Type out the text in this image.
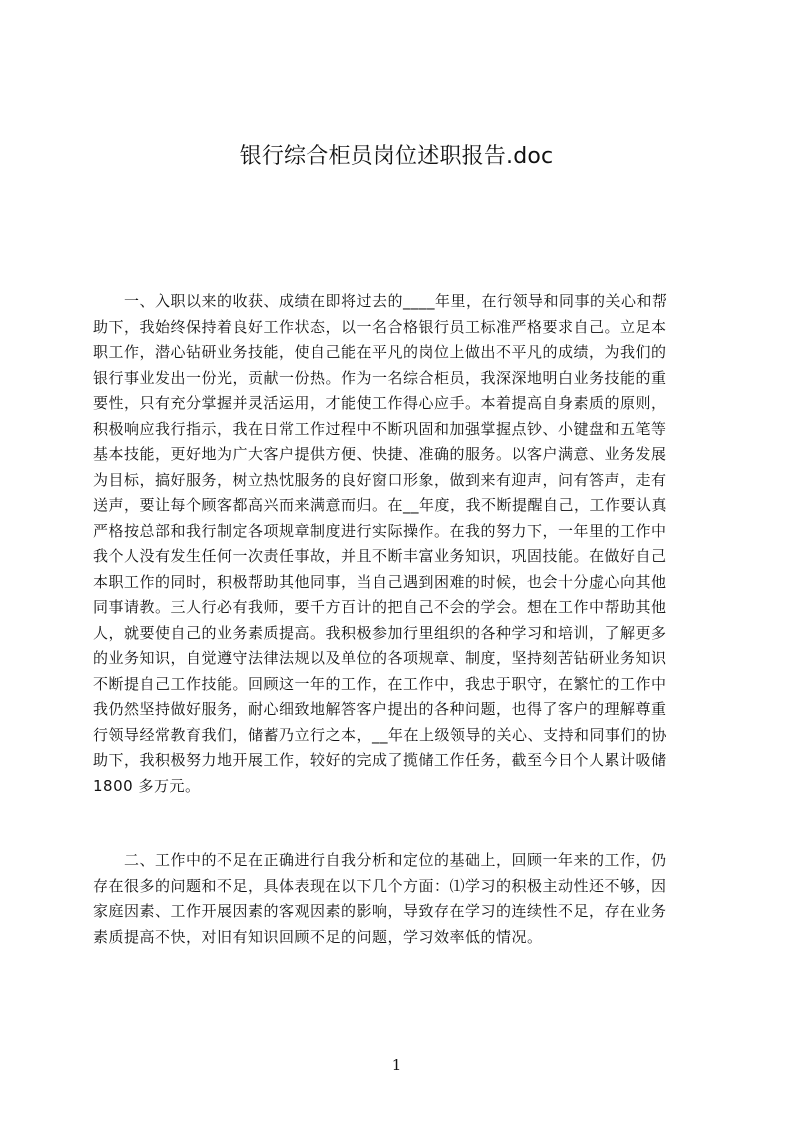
银行综合柜员岗位述职报告.doc
　　一、入职以来的收获、成绩在即将过去的____年里，在行领导和同事的关心和帮
助下，我始终保持着良好工作状态，以一名合格银行员工标准严格要求自己。立足本
职工作，潜心钻研业务技能，使自己能在平凡的岗位上做出不平凡的成绩，为我们的
银行事业发出一份光，贡献一份热。作为一名综合柜员，我深深地明白业务技能的重
要性，只有充分掌握并灵活运用，才能使工作得心应手。本着提高自身素质的原则，
积极响应我行指示，我在日常工作过程中不断巩固和加强掌握点钞、小键盘和五笔等
基本技能，更好地为广大客户提供方便、快捷、准确的服务。以客户满意、业务发展
为目标，搞好服务，树立热忱服务的良好窗口形象，做到来有迎声，问有答声，走有
送声，要让每个顾客都高兴而来满意而归。在__年度，我不断提醒自己，工作要认真
严格按总部和我行制定各项规章制度进行实际操作。在我的努力下，一年里的工作中
我个人没有发生任何一次责任事故，并且不断丰富业务知识，巩固技能。在做好自己
本职工作的同时，积极帮助其他同事，当自己遇到困难的时候，也会十分虚心向其他
同事请教。三人行必有我师，要千方百计的把自己不会的学会。想在工作中帮助其他
人，就要使自己的业务素质提高。我积极参加行里组织的各种学习和培训，了解更多
的业务知识，自觉遵守法律法规以及单位的各项规章、制度，坚持刻苦钻研业务知识
不断提自己工作技能。回顾这一年的工作，在工作中，我忠于职守，在繁忙的工作中
我仍然坚持做好服务，耐心细致地解答客户提出的各种问题，也得了客户的理解尊重
行领导经常教育我们，储蓄乃立行之本，__年在上级领导的关心、支持和同事们的协
助下，我积极努力地开展工作，较好的完成了揽储工作任务，截至今日个人累计吸储
1800 多万元。
　　二、工作中的不足在正确进行自我分析和定位的基础上，回顾一年来的工作，仍
存在很多的问题和不足，具体表现在以下几个方面：⑴学习的积极主动性还不够，因
家庭因素、工作开展因素的客观因素的影响，导致存在学习的连续性不足，存在业务
素质提高不快，对旧有知识回顾不足的问题，学习效率低的情况。
1
